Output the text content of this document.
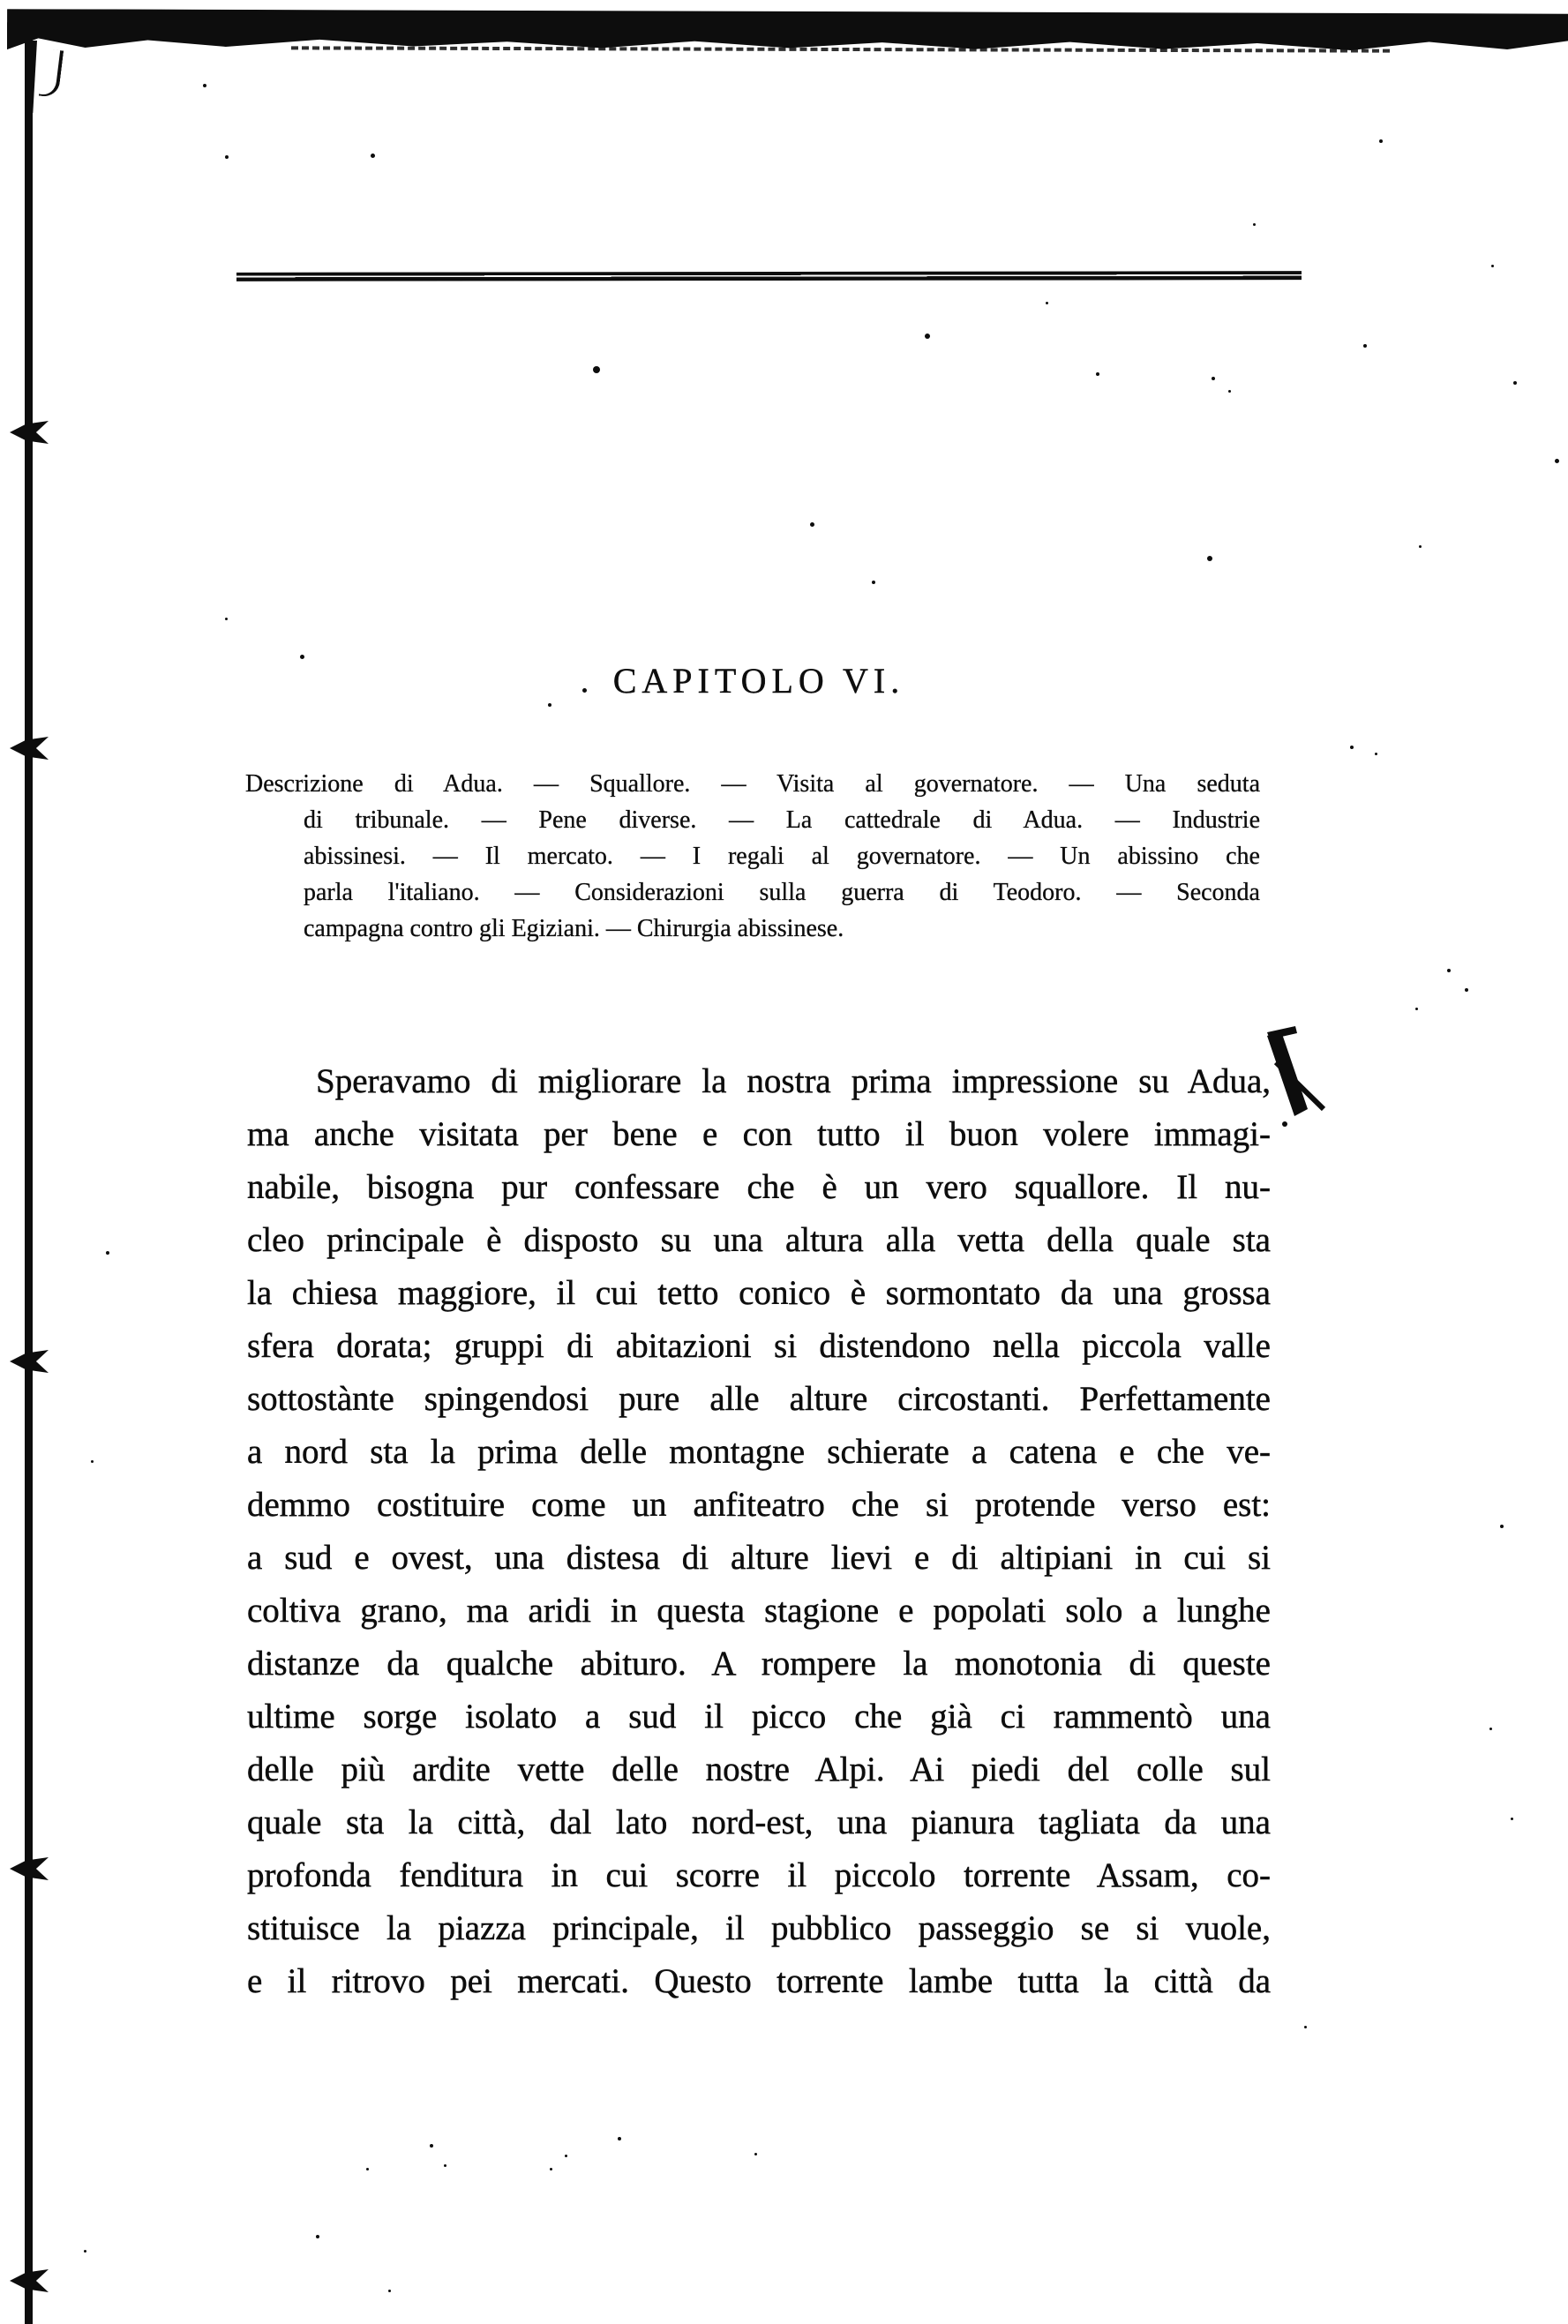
CAPITOLO VI.
Descrizione di Adua. — Squallore. — Visita al governatore. — Una seduta
di tribunale. — Pene diverse. — La cattedrale di Adua. — Industrie
abissinesi. — Il mercato. — I regali al governatore. — Un abissino che
parla l'italiano. — Considerazioni sulla guerra di Teodoro. — Seconda
campagna contro gli Egiziani. — Chirurgia abissinese.
Speravamo di migliorare la nostra prima impressione su Adua,
ma anche visitata per bene e con tutto il buon volere immagi-
nabile, bisogna pur confessare che è un vero squallore. Il nu-
cleo principale è disposto su una altura alla vetta della quale sta
la chiesa maggiore, il cui tetto conico è sormontato da una grossa
sfera dorata; gruppi di abitazioni si distendono nella piccola valle
sottostànte spingendosi pure alle alture circostanti. Perfettamente
a nord sta la prima delle montagne schierate a catena e che ve-
demmo costituire come un anfiteatro che si protende verso est:
a sud e ovest, una distesa di alture lievi e di altipiani in cui si
coltiva grano, ma aridi in questa stagione e popolati solo a lunghe
distanze da qualche abituro. A rompere la monotonia di queste
ultime sorge isolato a sud il picco che già ci rammentò una
delle più ardite vette delle nostre Alpi. Ai piedi del colle sul
quale sta la città, dal lato nord-est, una pianura tagliata da una
profonda fenditura in cui scorre il piccolo torrente Assam, co-
stituisce la piazza principale, il pubblico passeggio se si vuole,
e il ritrovo pei mercati. Questo torrente lambe tutta la città da
